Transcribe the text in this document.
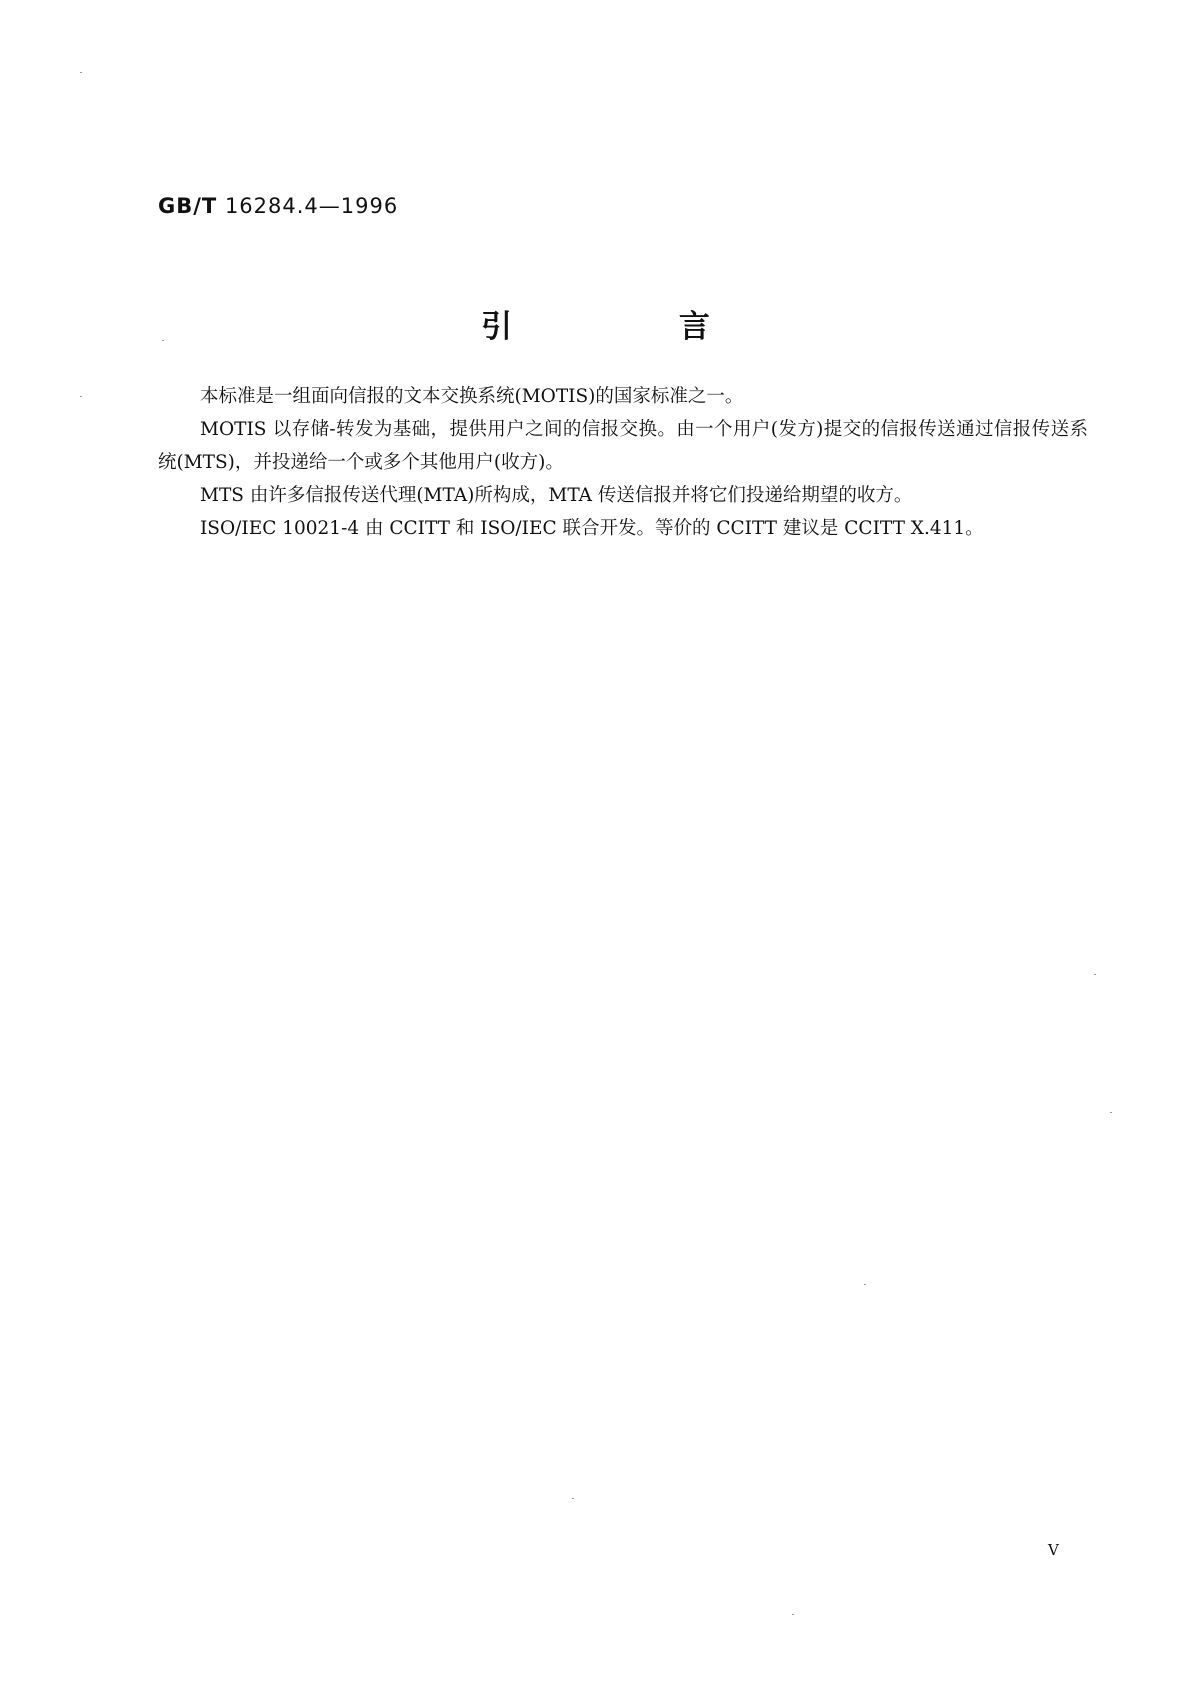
GB/T 16284.4—1996
引 言

本标准是一组面向信报的文本交换系统(MOTIS)的国家标准之一。

MOTIS 以存储-转发为基础，提供用户之间的信报交换。由一个用户(发方)提交的信报传送通过信报传送系统(MTS)，并投递给一个或多个其他用户(收方)。

MTS 由许多信报传送代理(MTA)所构成，MTA 传送信报并将它们投递给期望的收方。

ISO/IEC 10021-4 由 CCITT 和 ISO/IEC 联合开发。等价的 CCITT 建议是 CCITT X.411。

V
